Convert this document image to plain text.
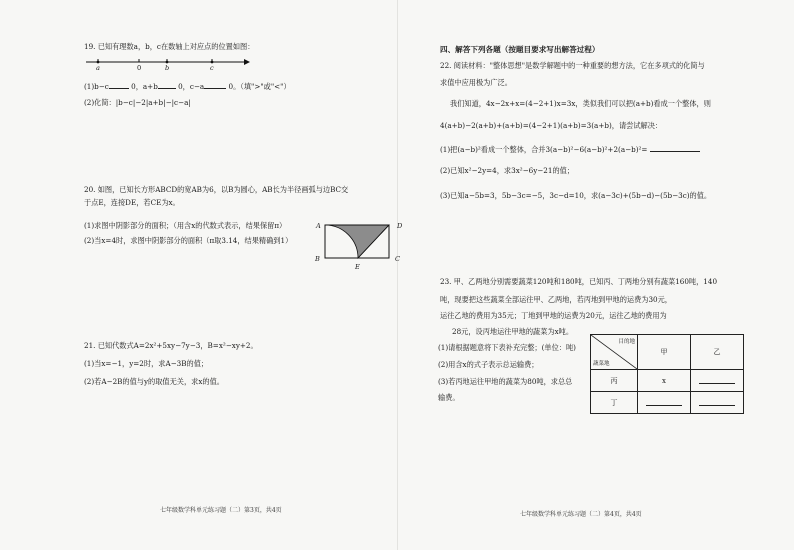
19. 已知有理数a，b，c在数轴上对应点的位置如图：
a	0	b	c
(1)b−c	0，a+b	0，c−a	0。（填">"或"<"）
(2)化简：|b−c|−2|a+b|−|c−a|
20. 如图，已知长方形ABCD的宽AB为6，以B为圆心，AB长为半径画弧与边BC交
于点E，连接DE，若CE为x。
(1)求图中阴影部分的面积；（用含x的代数式表示，结果保留π）
(2)当x=4时，求图中阴影部分的面积（π取3.14，结果精确到1）
A	D
B	C
E
21. 已知代数式A=2x²+5xy−7y−3，B=x²−xy+2。
(1)当x=−1，y=2时，求A−3B的值；
(2)若A−2B的值与y的取值无关，求x的值。
七年级数学科单元练习题（二）第3页，共4页
四、解答下列各题（按题目要求写出解答过程）
22. 阅读材料："整体思想"是数学解题中的一种重要的想方法，它在多项式的化简与
求值中应用极为广泛。
我们知道，4x−2x+x=(4−2+1)x=3x，类似我们可以把(a+b)看成一个整体，则
4(a+b)−2(a+b)+(a+b)=(4−2+1)(a+b)=3(a+b)，请尝试解决：
(1)把(a−b)²看成一个整体，合并3(a−b)²−6(a−b)²+2(a−b)²=
(2)已知x²−2y=4，求3x²−6y−21的值；
(3)已知a−5b=3，5b−3c=−5，3c−d=10，求(a−3c)+(5b−d)−(5b−3c)的值。
23. 甲、乙两地分别需要蔬菜120吨和180吨，已知丙、丁两地分别有蔬菜160吨，140
吨，现要把这些蔬菜全部运往甲、乙两地，若丙地到甲地的运费为30元，
运往乙地的费用为35元；丁地到甲地的运费为20元，运往乙地的费用为
28元，设丙地运往甲地的蔬菜为x吨。
(1)请根据题意将下表补充完整；(单位：吨)
(2)用含x的式子表示总运输费；
(3)若丙地运往甲地的蔬菜为80吨，求总总
输费。
目的地
蔬菜地	甲	乙
丙	x	
丁		
七年级数学科单元练习题（二）第4页，共4页
